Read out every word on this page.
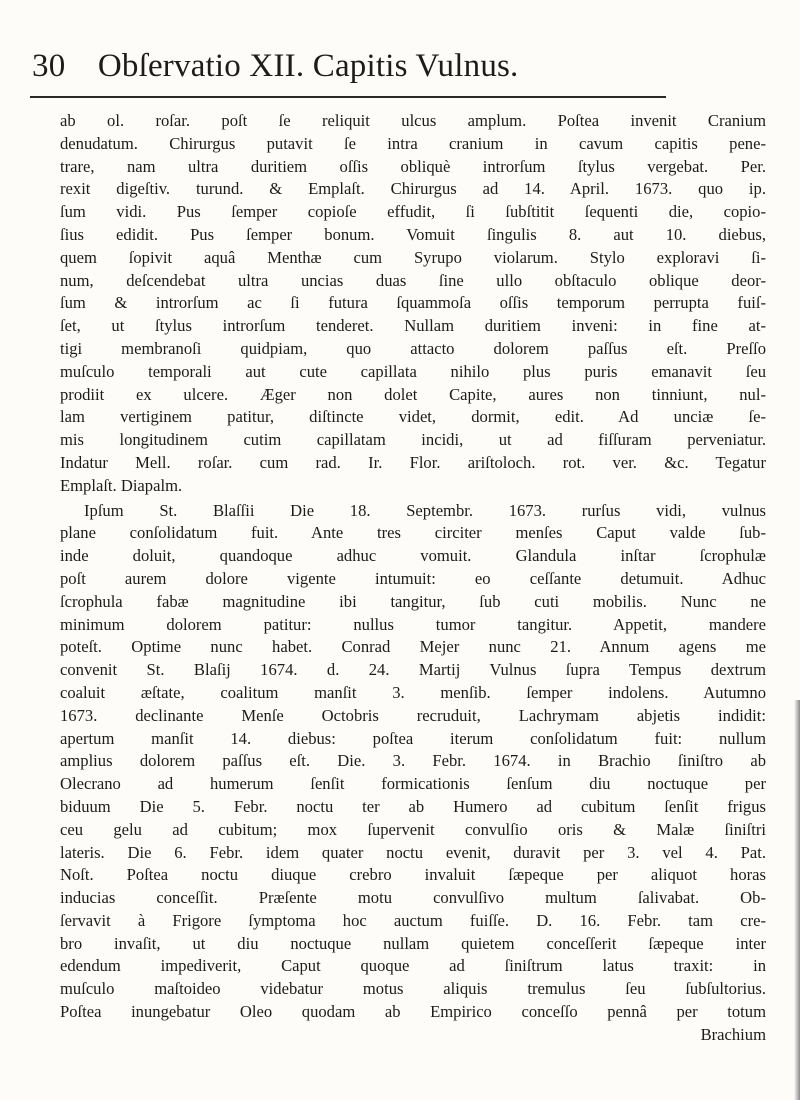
30 Obſervatio XII. Capitis Vulnus.
ab ol. roſar. poſt ſe reliquit ulcus amplum. Poſtea invenit Cranium
denudatum. Chirurgus putavit ſe intra cranium in cavum capitis pene-
trare, nam ultra duritiem oſſis obliquè introrſum ſtylus vergebat. Per.
rexit digeſtiv. turund. & Emplaſt. Chirurgus ad 14. April. 1673. quo ip.
ſum vidi. Pus ſemper copioſe effudit, ſi ſubſtitit ſequenti die, copio-
ſius edidit. Pus ſemper bonum. Vomuit ſingulis 8. aut 10. diebus,
quem ſopivit aquâ Menthæ cum Syrupo violarum. Stylo exploravi ſi-
num, deſcendebat ultra uncias duas ſine ullo obſtaculo oblique deor-
ſum & introrſum ac ſi futura ſquammoſa oſſis temporum perrupta fuiſ-
ſet, ut ſtylus introrſum tenderet. Nullam duritiem inveni: in fine at-
tigi membranoſi quidpiam, quo attacto dolorem paſſus eſt. Preſſo
muſculo temporali aut cute capillata nihilo plus puris emanavit ſeu
prodiit ex ulcere. Æger non dolet Capite, aures non tinniunt, nul-
lam vertiginem patitur, diſtincte videt, dormit, edit. Ad unciæ ſe-
mis longitudinem cutim capillatam incidi, ut ad fiſſuram perveniatur.
Indatur Mell. roſar. cum rad. Ir. Flor. ariſtoloch. rot. ver. &c. Tegatur
Emplaſt. Diapalm.
Ipſum St. Blaſſii Die 18. Septembr. 1673. rurſus vidi, vulnus
plane conſolidatum fuit. Ante tres circiter menſes Caput valde ſub-
inde doluit, quandoque adhuc vomuit. Glandula inſtar ſcrophulæ
poſt aurem dolore vigente intumuit: eo ceſſante detumuit. Adhuc
ſcrophula fabæ magnitudine ibi tangitur, ſub cuti mobilis. Nunc ne
minimum dolorem patitur: nullus tumor tangitur. Appetit, mandere
poteſt. Optime nunc habet. Conrad Mejer nunc 21. Annum agens me
convenit St. Blaſij 1674. d. 24. Martij Vulnus ſupra Tempus dextrum
coaluit æſtate, coalitum manſit 3. menſib. ſemper indolens. Autumno
1673. declinante Menſe Octobris recruduit, Lachrymam abjetis indidit:
apertum manſit 14. diebus: poſtea iterum conſolidatum fuit: nullum
amplius dolorem paſſus eſt. Die. 3. Febr. 1674. in Brachio ſiniſtro ab
Olecrano ad humerum ſenſit formicationis ſenſum diu noctuque per
biduum Die 5. Febr. noctu ter ab Humero ad cubitum ſenſit frigus
ceu gelu ad cubitum; mox ſupervenit convulſio oris & Malæ ſiniſtri
lateris. Die 6. Febr. idem quater noctu evenit, duravit per 3. vel 4. Pat.
Noſt. Poſtea noctu diuque crebro invaluit ſæpeque per aliquot horas
inducias conceſſit. Præſente motu convulſivo multum ſalivabat. Ob-
ſervavit à Frigore ſymptoma hoc auctum fuiſſe. D. 16. Febr. tam cre-
bro invaſit, ut diu noctuque nullam quietem conceſſerit ſæpeque inter
edendum impediverit, Caput quoque ad ſiniſtrum latus traxit: in
muſculo maſtoideo videbatur motus aliquis tremulus ſeu ſubſultorius.
Poſtea inungebatur Oleo quodam ab Empirico conceſſo pennâ per totum
Brachium
